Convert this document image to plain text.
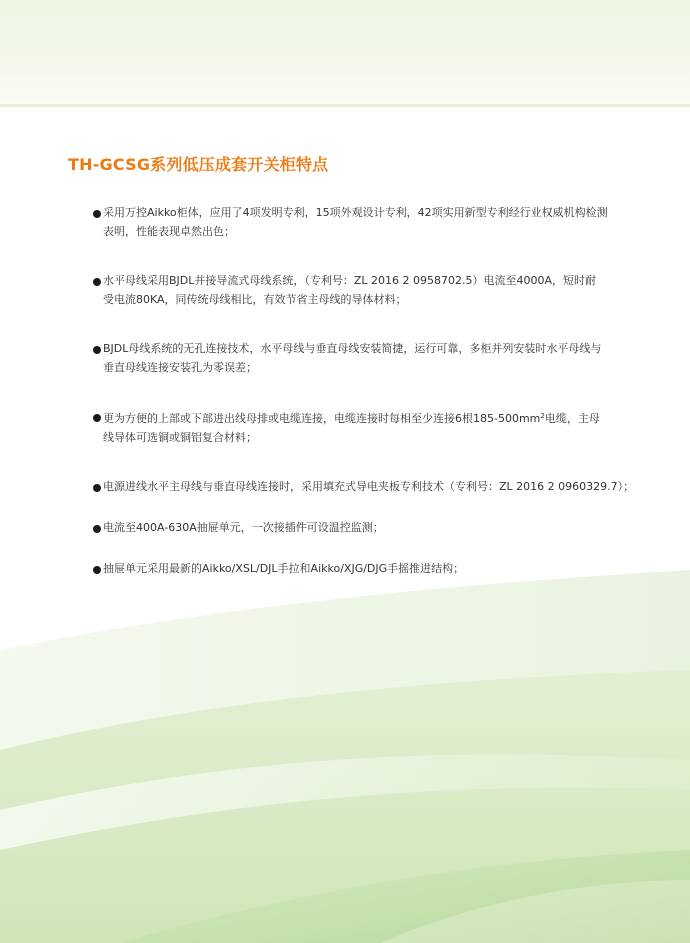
TH-GCSG系列低压成套开关柜特点
采用万控Aikko柜体，应用了4项发明专利，15项外观设计专利，42项实用新型专利经行业权威机构检测
表明，性能表现卓然出色；
水平母线采用BJDL并接导流式母线系统，（专利号：ZL 2016 2 0958702.5）电流至4000A，短时耐
受电流80KA，同传统母线相比，有效节省主母线的导体材料；
BJDL母线系统的无孔连接技术，水平母线与垂直母线安装简捷，运行可靠，多柜并列安装时水平母线与
垂直母线连接安装孔为零误差；
更为方便的上部或下部进出线母排或电缆连接，电缆连接时每相至少连接6根$185-500mm^2$电缆，主母
线导体可选铜或铜铝复合材料；
电源进线水平主母线与垂直母线连接时，采用填充式导电夹板专利技术（专利号：ZL 2016 2 0960329.7）；
电流至400A-630A抽屉单元，一次接插件可设温控监测；
抽屉单元采用最新的Aikko/XSL/DJL手拉和Aikko/XJG/DJG手摇推进结构；
